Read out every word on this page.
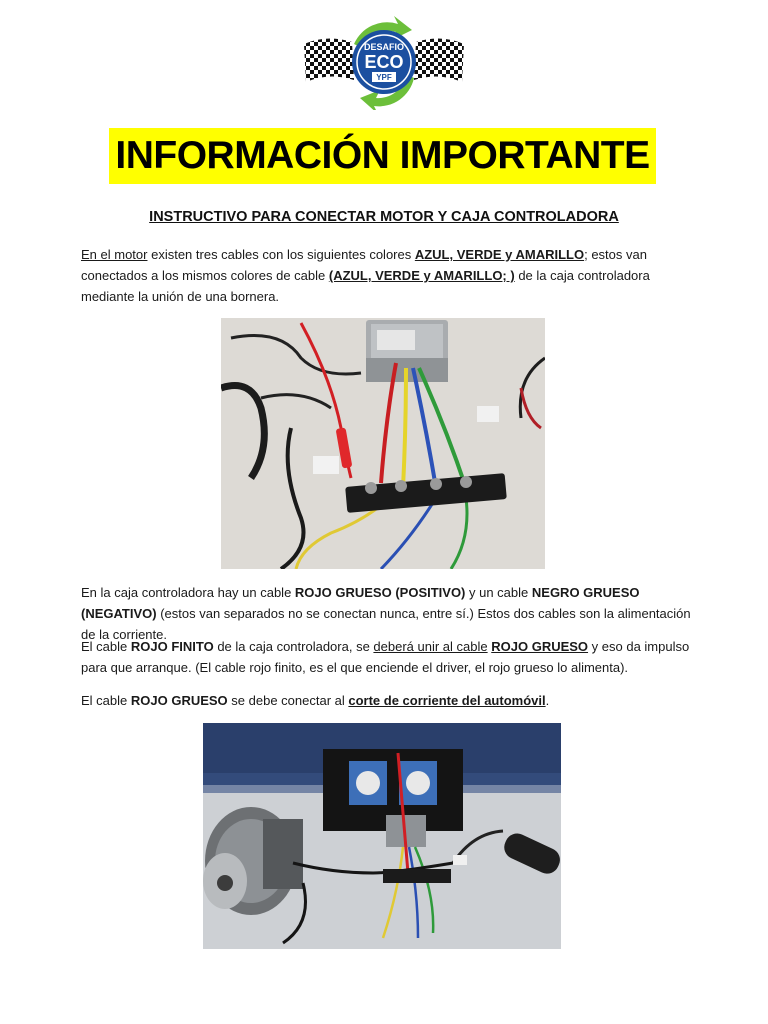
DESAFIO
ECO
YPF
INFORMACIÓN IMPORTANTE
INSTRUCTIVO PARA CONECTAR MOTOR Y CAJA CONTROLADORA
En el motor existen tres cables con los siguientes colores AZUL, VERDE y AMARILLO; estos van conectados a los mismos colores de cable (AZUL, VERDE y AMARILLO; ) de la caja controladora mediante la unión de una bornera.
En la caja controladora hay un cable ROJO GRUESO (POSITIVO) y un cable NEGRO GRUESO (NEGATIVO) (estos van separados no se conectan nunca, entre sí.) Estos dos cables son la alimentación de la corriente.
El cable ROJO FINITO de la caja controladora, se deberá unir al cable ROJO GRUESO y eso da impulso para que arranque. (El cable rojo finito, es el que enciende el driver, el rojo grueso lo alimenta).
El cable ROJO GRUESO se debe conectar al corte de corriente del automóvil.
